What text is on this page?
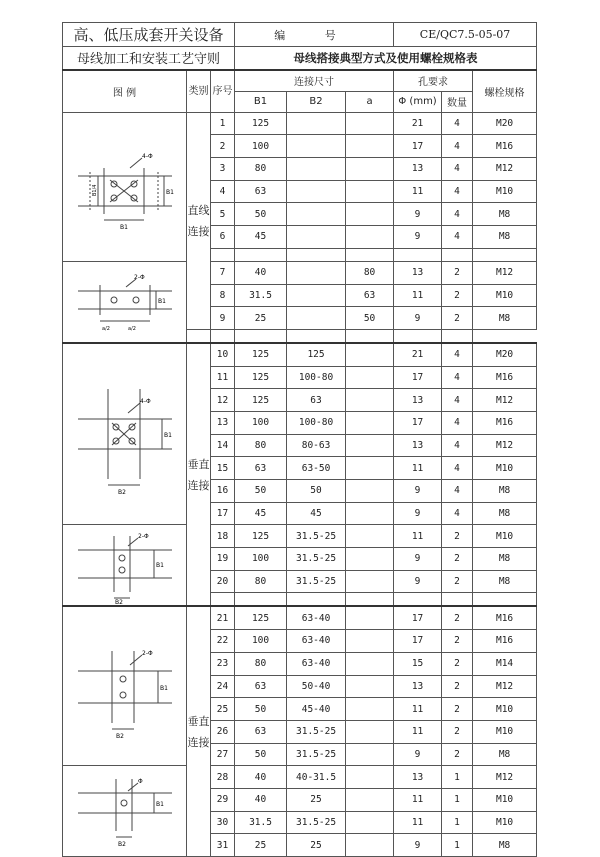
高、低压成套开关设备			编 号			CE/QC7.5-05-07		
母线加工和安装工艺守则			母线搭接典型方式及使用螺栓规格表					
图 例	类别	序号	连接尺寸			孔要求		螺栓规格
			B1	B2	a	Φ (mm)	数量	

4-Φ
B1
B1
B1/4	直线连接	1	125			21	4	M20
		2	100			17	4	M16
		3	80			13	4	M12
		4	63			11	4	M10
		5	50			9	4	M8
		6	45			9	4	M8

2-Φ
a/2 a/2
B1		7	40		80	13	2	M12
		8	31.5		63	11	2	M10
		9	25		50	9	2	M8

4-Φ
B2
B1	垂直连接	10	125	125		21	4	M20
		11	125	100-80		17	4	M16
		12	125	63		13	4	M12
		13	100	100-80		17	4	M16
		14	80	80-63		13	4	M12
		15	63	63-50		11	4	M10
		16	50	50		9	4	M8
		17	45	45		9	4	M8

2-Φ
B2
B1		18	125	31.5-25		11	2	M10
		19	100	31.5-25		9	2	M8
		20	80	31.5-25		9	2	M8

2-Φ
B2
B1	垂直连接	21	125	63-40		17	2	M16
		22	100	63-40		17	2	M16
		23	80	63-40		15	2	M14
		24	63	50-40		13	2	M12
		25	50	45-40		11	2	M10
		26	63	31.5-25		11	2	M10
		27	50	31.5-25		9	2	M8

Φ
B2
B1		28	40	40-31.5		13	1	M12
		29	40	25		11	1	M10
		30	31.5	31.5-25		11	1	M10
		31	25	25		9	1	M8
